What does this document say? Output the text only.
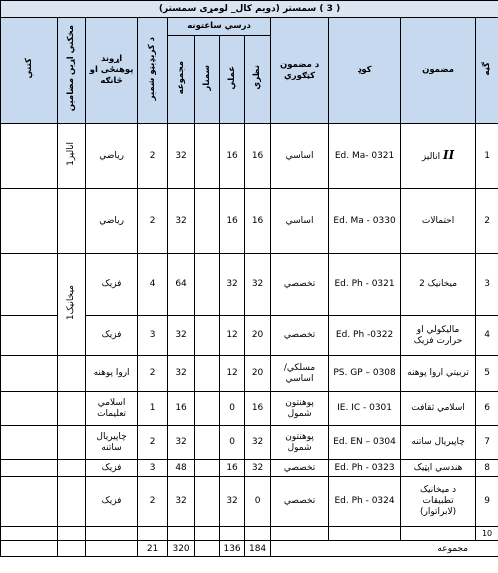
( 3 ) سمستر (دویم کال_ لومړی سمستر)											
گڼه	مضمون	کوډ	د مضمون کټګوري	درسي ساعتونه				د کریډیټو شمیر	اړوند پوهنځی او څانګه	مخکني اړین مضامین	کتنې
				نظري	عملي	سمنار	مجموعه				
1	II انالیز	Ed. Ma- 0321	اساسي	16	16		32	2	رياضي	انالیز1	
2	احتمالات	Ed. Ma - 0330	اساسي	16	16		32	2	رياضي		
3	میخانیک 2	Ed. Ph - 0321	تخصصي	32	32		64	4	فزیک	میخانیک1	
4	مالیکولي او حرارت فزیک	Ed. Ph -0322	تخصصي	20	12		32	3	فزیک		
5	تربيتي اروا پوهنه	PS. GP – 0308	مسلکي/ اساسي	20	12		32	2	اروا پوهنه		
6	اسلامي ثقافت	IE. IC - 0301	پوهنتون شمول	16	0		16	1	اسلامي تعلیمات		
7	چاپیریال ساتنه	Ed. EN – 0304	پوهنتون شمول	32	0		32	2	چاپیریال ساتنه		
8	هندسي اپټيک	Ed. Ph - 0323	تخصصي	32	16		48	3	فزیک		
9	د میخانیک تطبيقات (لابراتوار)	Ed. Ph - 0324	تخصصي	0	32		32	2	فزیک		
10											
مجموعه				184	136		320	21			
